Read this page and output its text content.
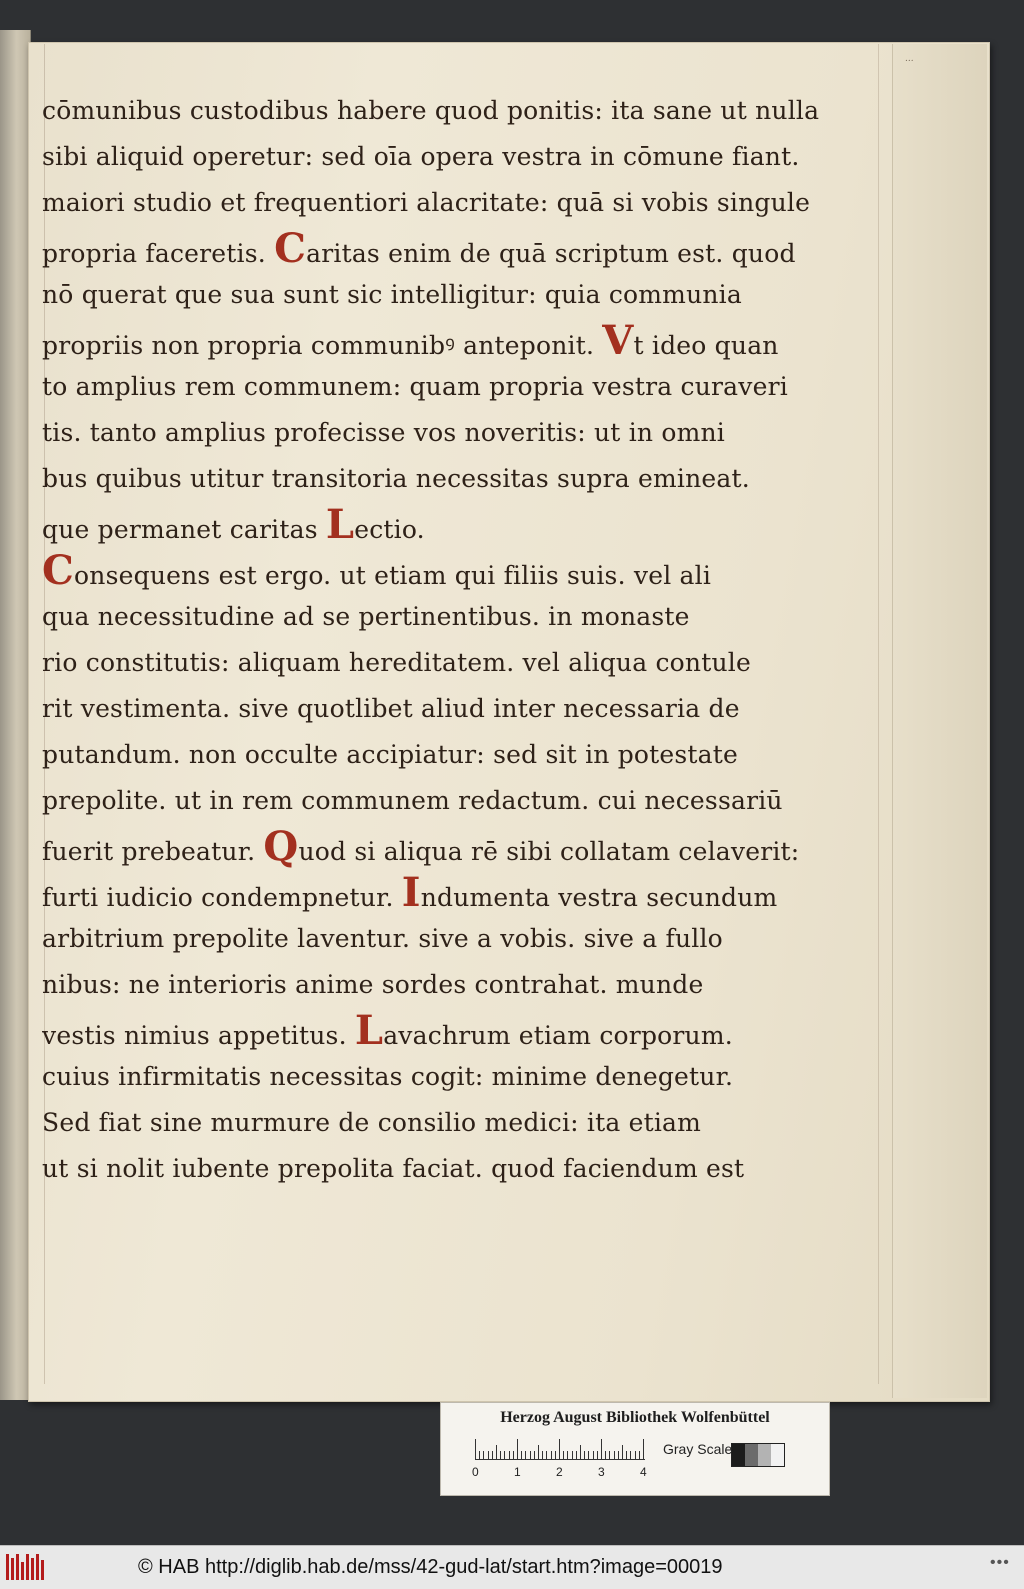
...
cōmunibus custodibus habere quod ponitis: ita sane ut nulla
sibi aliquid operetur: sed oīa opera vestra in cōmune fiant.
maiori studio et frequentiori alacritate: quā si vobis singule
propria faceretis. Caritas enim de quā scriptum est. quod
nō querat que sua sunt sic intelligitur: quia communia
propriis non propria communibꝰ anteponit. Vt ideo quan
to amplius rem communem: quam propria vestra curaveri
tis. tanto amplius profecisse vos noveritis: ut in omni
bus quibus utitur transitoria necessitas supra emineat.
que permanet caritas Lectio.
Consequens est ergo. ut etiam qui filiis suis. vel ali
qua necessitudine ad se pertinentibus. in monaste
rio constitutis: aliquam hereditatem. vel aliqua contule
rit vestimenta. sive quotlibet aliud inter necessaria de
putandum. non occulte accipiatur: sed sit in potestate
prepolite. ut in rem communem redactum. cui necessariū
fuerit prebeatur. Quod si aliqua rē sibi collatam celaverit:
furti iudicio condempnetur. Indumenta vestra secundum
arbitrium prepolite laventur. sive a vobis. sive a fullo
nibus: ne interioris anime sordes contrahat. munde
vestis nimius appetitus. Lavachrum etiam corporum.
cuius infirmitatis necessitas cogit: minime denegetur.
Sed fiat sine murmure de consilio medici: ita etiam
ut si nolit iubente prepolita faciat. quod faciendum est
Herzog August Bibliothek Wolfenbüttel
0	1	2	3	4
Gray Scale
© HAB http://diglib.hab.de/mss/42-gud-lat/start.htm?image=00019	•••
